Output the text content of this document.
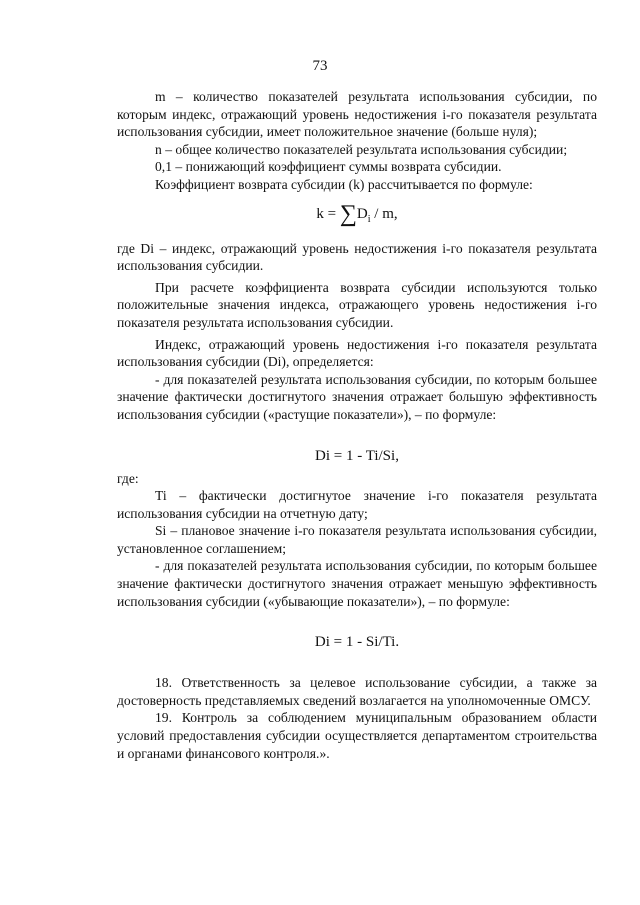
73

m – количество показателей результата использования субсидии, по которым индекс, отражающий уровень недостижения i-го показателя результата использования субсидии, имеет положительное значение (больше нуля);

n – общее количество показателей результата использования субсидии;

0,1 – понижающий коэффициент суммы возврата субсидии.

Коэффициент возврата субсидии (k) рассчитывается по формуле:

$k = \sum D_i / m$,

где Di – индекс, отражающий уровень недостижения i-го показателя результата использования субсидии.

При расчете коэффициента возврата субсидии используются только положительные значения индекса, отражающего уровень недостижения i-го показателя результата использования субсидии.

Индекс, отражающий уровень недостижения i-го показателя результата использования субсидии (Di), определяется:

- для показателей результата использования субсидии, по которым большее значение фактически достигнутого значения отражает большую эффективность использования субсидии («растущие показатели»), – по формуле:

Di = 1 - Ti/Si,

где:

Ti – фактически достигнутое значение i-го показателя результата использования субсидии на отчетную дату;

Si – плановое значение i-го показателя результата использования субсидии, установленное соглашением;

- для показателей результата использования субсидии, по которым большее значение фактически достигнутого значения отражает меньшую эффективность использования субсидии («убывающие показатели»), – по формуле:

Di = 1 - Si/Ti.

18. Ответственность за целевое использование субсидии, а также за достоверность представляемых сведений возлагается на уполномоченные ОМСУ.

19. Контроль за соблюдением муниципальным образованием области условий предоставления субсидии осуществляется департаментом строительства и органами финансового контроля.».
